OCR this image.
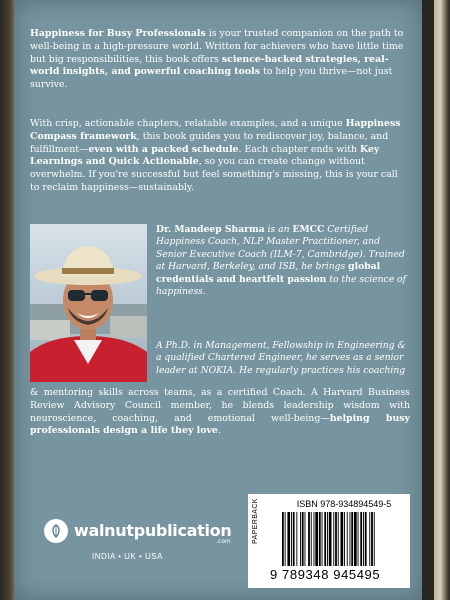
Happiness for Busy Professionals is your trusted companion on the path to well-being in a high-pressure world. Written for achievers who have little time but big responsibilities, this book offers science-backed strategies, real-world insights, and powerful coaching tools to help you thrive—not just survive.

With crisp, actionable chapters, relatable examples, and a unique Happiness Compass framework, this book guides you to rediscover joy, balance, and fulfillment—even with a packed schedule. Each chapter ends with Key Learnings and Quick Actionable, so you can create change without overwhelm. If you're successful but feel something's missing, this is your call to reclaim happiness—sustainably.

Dr. Mandeep Sharma is an EMCC Certified Happiness Coach, NLP Master Practitioner, and Senior Executive Coach (ILM-7, Cambridge). Trained at Harvard, Berkeley, and ISB, he brings global credentials and heartfelt passion to the science of happiness.

A Ph.D. in Management, Fellowship in Engineering & a qualified Chartered Engineer, he serves as a senior leader at NOKIA. He regularly practices his coaching

& mentoring skills across teams, as a certified Coach. A Harvard Business Review Advisory Council member, he blends leadership wisdom with neuroscience, coaching, and emotional well-being—helping busy professionals design a life they love.

walnutpublication
.com
INDIA • UK • USA
PAPERBACK	ISBN 978-934894549-5
9 789348 945495
